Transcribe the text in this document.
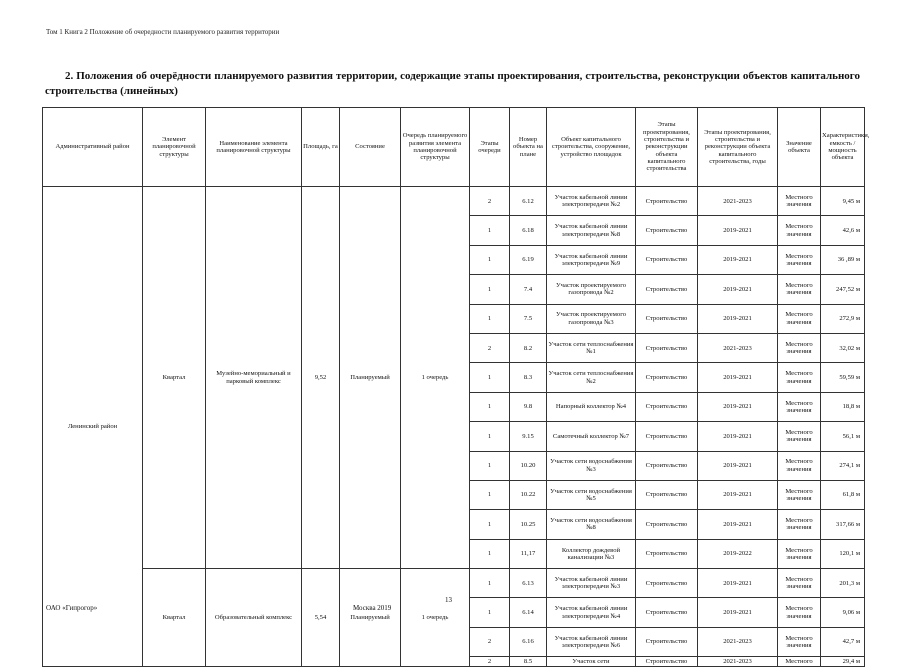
Том 1 Книга 2 Положение об очередности планируемого развития территории

2. Положения об очерёдности планируемого развития территории, содержащие этапы проектирования, строительства, реконструкции объектов капитального строительства (линейных)

Административный район	Элемент планировочной структуры	Наименование элемента планировочной структуры	Площадь, га	Состояние	Очередь планируемого развития элемента планировочной структуры	Этапы очереди	Номер объекта на плане	Объект капитального строительства, сооружение, устройство площадок	Этапы проектирования, строительства и реконструкции объекта капитального строительства	Этапы проектирования, строительства и реконструкции объекта капитального строительства, годы	Значение объекта	Характеристики, емкость / мощность объекта
Ленинский район	Квартал	Музейно-мемориальный и парковый комплекс	9,52	Планируемый	1 очередь	2	6.12	Участок кабельной линии электропередачи №2	Строительство	2021-2023	Местного значения	9,45 м
						1	6.18	Участок кабельной линии электропередачи №8	Строительство	2019-2021	Местного значения	42,6 м
						1	6.19	Участок кабельной линии электропередачи №9	Строительство	2019-2021	Местного значения	36 ,89 м
						1	7.4	Участок проектируемого газопровода №2	Строительство	2019-2021	Местного значения	247,52 м
						1	7.5	Участок проектируемого газопровода №3	Строительство	2019-2021	Местного значения	272,9 м
						2	8.2	Участок сети теплоснабжения №1	Строительство	2021-2023	Местного значения	32,02 м
						1	8.3	Участок сети теплоснабжения №2	Строительство	2019-2021	Местного значения	59,59 м
						1	9.8	Напорный коллектор №4	Строительство	2019-2021	Местного значения	18,8 м
						1	9.15	Самотечный коллектор №7	Строительство	2019-2021	Местного значения	56,1 м
						1	10.20	Участок сети водоснабжения №3	Строительство	2019-2021	Местного значения	274,1 м
						1	10.22	Участок сети водоснабжения №5	Строительство	2019-2021	Местного значения	61,8 м
						1	10.25	Участок сети водоснабжения №8	Строительство	2019-2021	Местного значения	317,66 м
						1	11,17	Коллектор дождевой канализации №3	Строительство	2019-2022	Местного значения	120,1 м
	Квартал	Образовательный комплекс	5,54	Планируемый	1 очередь	1	6.13	Участок кабельной линии электропередачи №3	Строительство	2019-2021	Местного значения	201,3 м
						1	6.14	Участок кабельной линии электропередачи №4	Строительство	2019-2021	Местного значения	9,06 м
						2	6.16	Участок кабельной линии электропередачи №6	Строительство	2021-2023	Местного значения	42,7 м
						2	8.5	Участок сети	Строительство	2021-2023	Местного	29,4 м
13
ОАО «Гипрогор»	Москва 2019
